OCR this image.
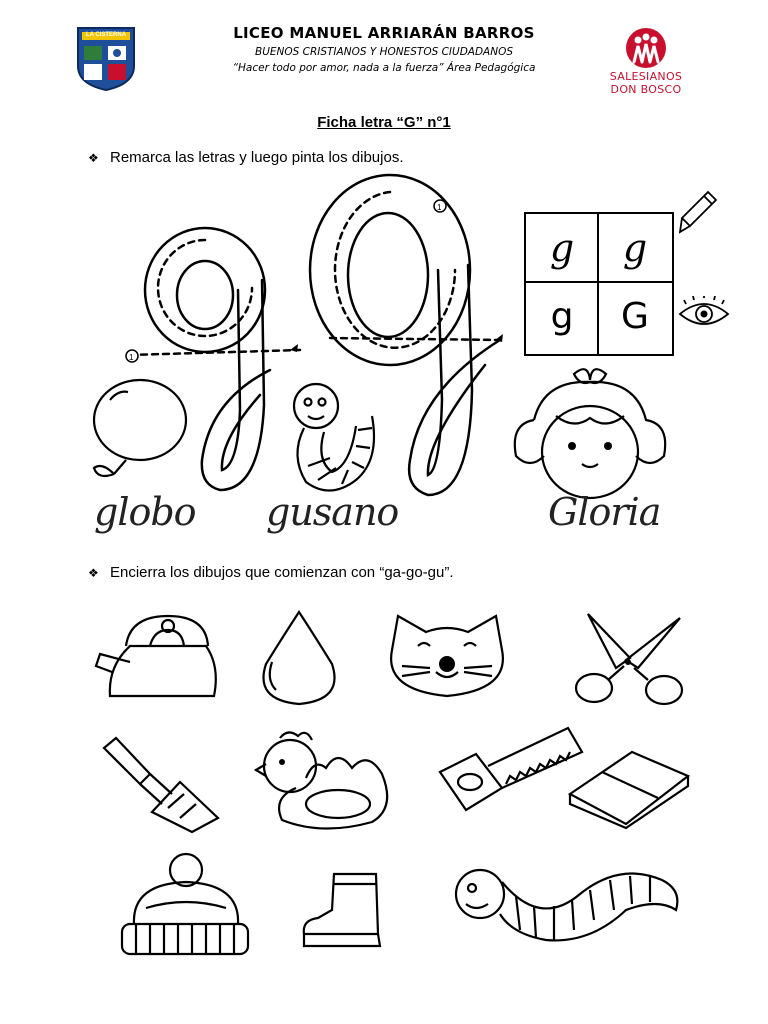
LA CISTERNA	LICEO MANUEL ARRIARÁN BARROS
BUENOS CRISTIANOS Y HONESTOS CIUDADANOS
“Hacer todo por amor, nada a la fuerza” Área Pedagógica
SALESIANOS DON BOSCO
Ficha letra “G” n°1
❖ Remarca las letras y luego pinta los dibujos.
1
1
g g
g G
globo gusano	Gloria
❖ Encierra los dibujos que comienzan con “ga-go-gu”.
